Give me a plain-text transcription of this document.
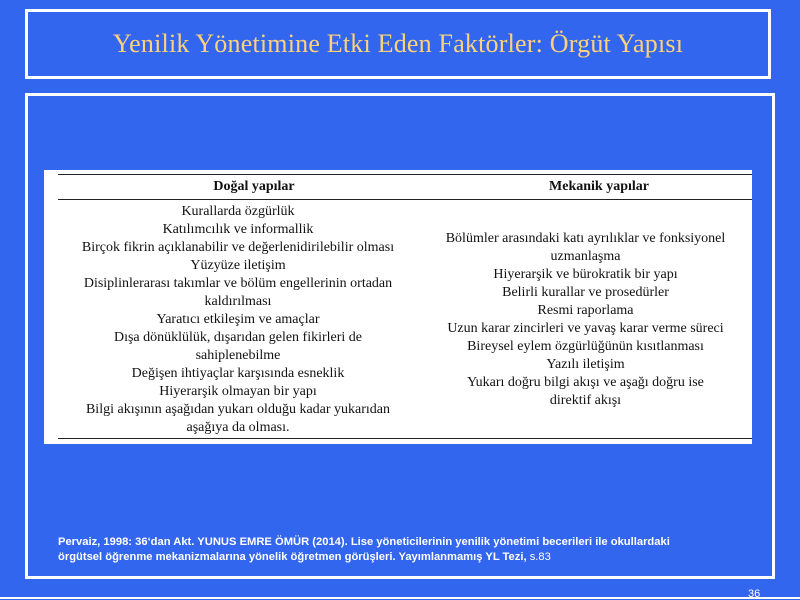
Yenilik Yönetimine Etki Eden Faktörler: Örgüt Yapısı
Doğal yapılar	Mekanik yapılar
Kurallarda özgürlük
Katılımcılık ve informallik
Birçok fikrin açıklanabilir ve değerlenidirilebilir olması
Yüzyüze iletişim
Disiplinlerarası takımlar ve bölüm engellerinin ortadan
kaldırılması
Yaratıcı etkileşim ve amaçlar
Dışa dönüklülük, dışarıdan gelen fikirleri de
sahiplenebilme
Değişen ihtiyaçlar karşısında esneklik
Hiyerarşik olmayan bir yapı
Bilgi akışının aşağıdan yukarı olduğu kadar yukarıdan
aşağıya da olması.
Bölümler arasındaki katı ayrılıklar ve fonksiyonel
uzmanlaşma
Hiyerarşik ve bürokratik bir yapı
Belirli kurallar ve prosedürler
Resmi raporlama
Uzun karar zincirleri ve yavaş karar verme süreci
Bireysel eylem özgürlüğünün kısıtlanması
Yazılı iletişim
Yukarı doğru bilgi akışı ve aşağı doğru ise
direktif akışı
Pervaiz, 1998: 36‘dan Akt. YUNUS EMRE ÖMÜR (2014). Lise yöneticilerinin yenilik yönetimi becerileri ile okullardaki
örgütsel öğrenme mekanizmalarına yönelik öğretmen görüşleri. Yayımlanmamış YL Tezi, s.83
36
